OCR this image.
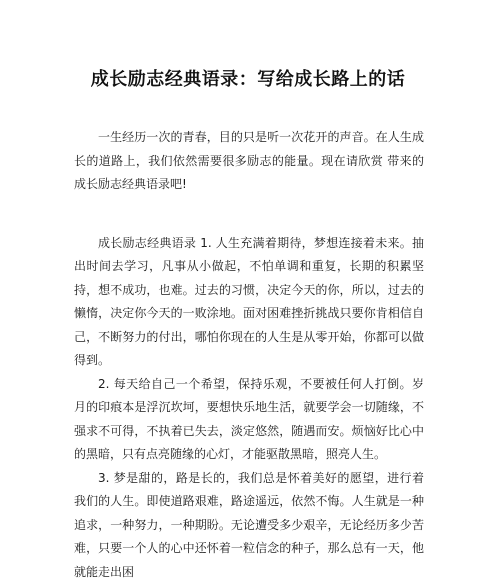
成长励志经典语录：写给成长路上的话

一生经历一次的青春，目的只是听一次花开的声音。在人生成长的道路上，我们依然需要很多励志的能量。现在请欣赏 带来的成长励志经典语录吧!

成长励志经典语录 1. 人生充满着期待，梦想连接着未来。抽出时间去学习，凡事从小做起，不怕单调和重复，长期的积累坚持，想不成功，也难。过去的习惯，决定今天的你，所以，过去的懒惰，决定你今天的一败涂地。面对困难挫折挑战只要你肯相信自己，不断努力的付出，哪怕你现在的人生是从零开始，你都可以做得到。

2. 每天给自己一个希望，保持乐观，不要被任何人打倒。岁月的印痕本是浮沉坎坷，要想快乐地生活，就要学会一切随缘，不强求不可得，不执着已失去，淡定悠然，随遇而安。烦恼好比心中的黑暗，只有点亮随缘的心灯，才能驱散黑暗，照亮人生。

3. 梦是甜的，路是长的，我们总是怀着美好的愿望，进行着我们的人生。即使道路艰难，路途遥远，依然不悔。人生就是一种追求，一种努力，一种期盼。无论遭受多少艰辛，无论经历多少苦难，只要一个人的心中还怀着一粒信念的种子，那么总有一天，他就能走出困
